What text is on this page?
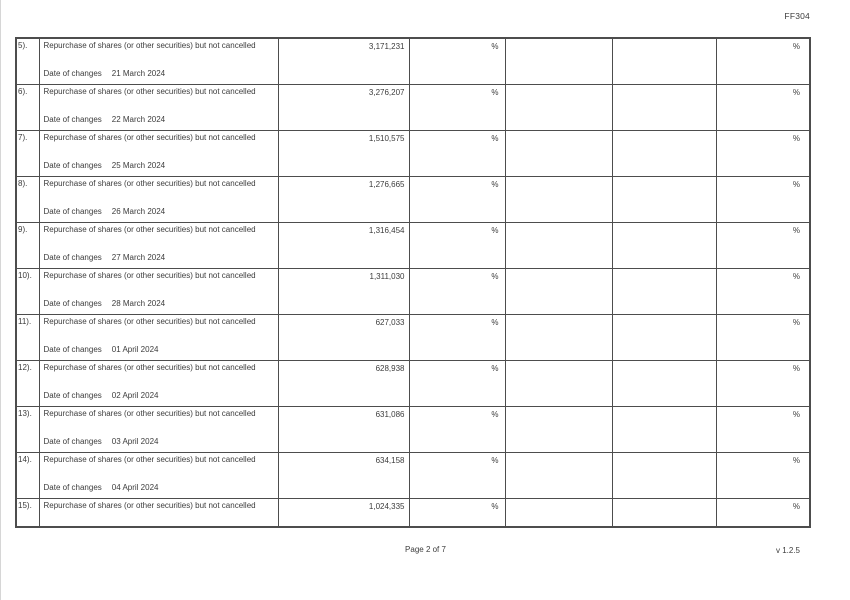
FF304
5).	Repurchase of shares (or other securities) but not cancelled
Date of changes 21 March 2024	3,171,231	%			%
6).	Repurchase of shares (or other securities) but not cancelled
Date of changes 22 March 2024	3,276,207	%			%
7).	Repurchase of shares (or other securities) but not cancelled
Date of changes 25 March 2024	1,510,575	%			%
8).	Repurchase of shares (or other securities) but not cancelled
Date of changes 26 March 2024	1,276,665	%			%
9).	Repurchase of shares (or other securities) but not cancelled
Date of changes 27 March 2024	1,316,454	%			%
10).	Repurchase of shares (or other securities) but not cancelled
Date of changes 28 March 2024	1,311,030	%			%
11).	Repurchase of shares (or other securities) but not cancelled
Date of changes 01 April 2024	627,033	%			%
12).	Repurchase of shares (or other securities) but not cancelled
Date of changes 02 April 2024	628,938	%			%
13).	Repurchase of shares (or other securities) but not cancelled
Date of changes 03 April 2024	631,086	%			%
14).	Repurchase of shares (or other securities) but not cancelled
Date of changes 04 April 2024	634,158	%			%
15).	Repurchase of shares (or other securities) but not cancelled	1,024,335	%			%
Page 2 of 7	v 1.2.5
